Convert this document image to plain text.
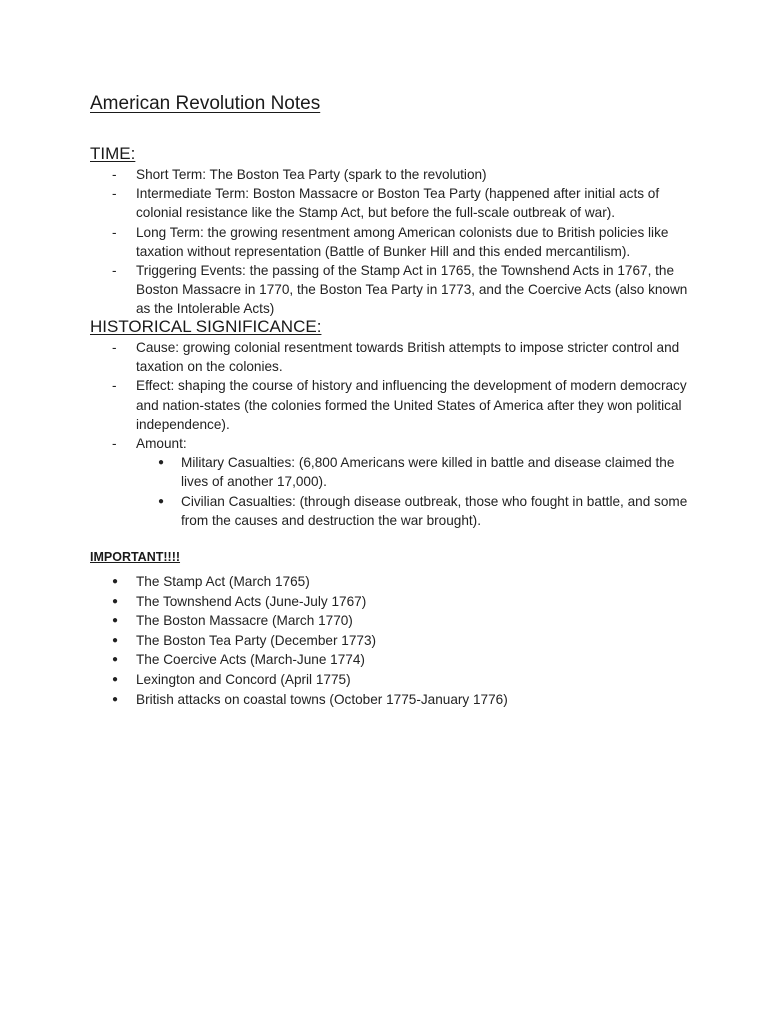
American Revolution Notes
TIME:
- Short Term: The Boston Tea Party (spark to the revolution)
- Intermediate Term: Boston Massacre or Boston Tea Party (happened after initial acts of colonial resistance like the Stamp Act, but before the full-scale outbreak of war).
- Long Term: the growing resentment among American colonists due to British policies like taxation without representation (Battle of Bunker Hill and this ended mercantilism).
- Triggering Events: the passing of the Stamp Act in 1765, the Townshend Acts in 1767, the Boston Massacre in 1770, the Boston Tea Party in 1773, and the Coercive Acts (also known as the Intolerable Acts)
HISTORICAL SIGNIFICANCE:
- Cause: growing colonial resentment towards British attempts to impose stricter control and taxation on the colonies.
- Effect: shaping the course of history and influencing the development of modern democracy and nation-states (the colonies formed the United States of America after they won political independence).
- Amount:
● Military Casualties: (6,800 Americans were killed in battle and disease claimed the lives of another 17,000).
● Civilian Casualties: (through disease outbreak, those who fought in battle, and some from the causes and destruction the war brought).

IMPORTANT!!!!

● The Stamp Act (March 1765)
● The Townshend Acts (June-July 1767)
● The Boston Massacre (March 1770)
● The Boston Tea Party (December 1773)
● The Coercive Acts (March-June 1774)
● Lexington and Concord (April 1775)
● British attacks on coastal towns (October 1775-January 1776)
